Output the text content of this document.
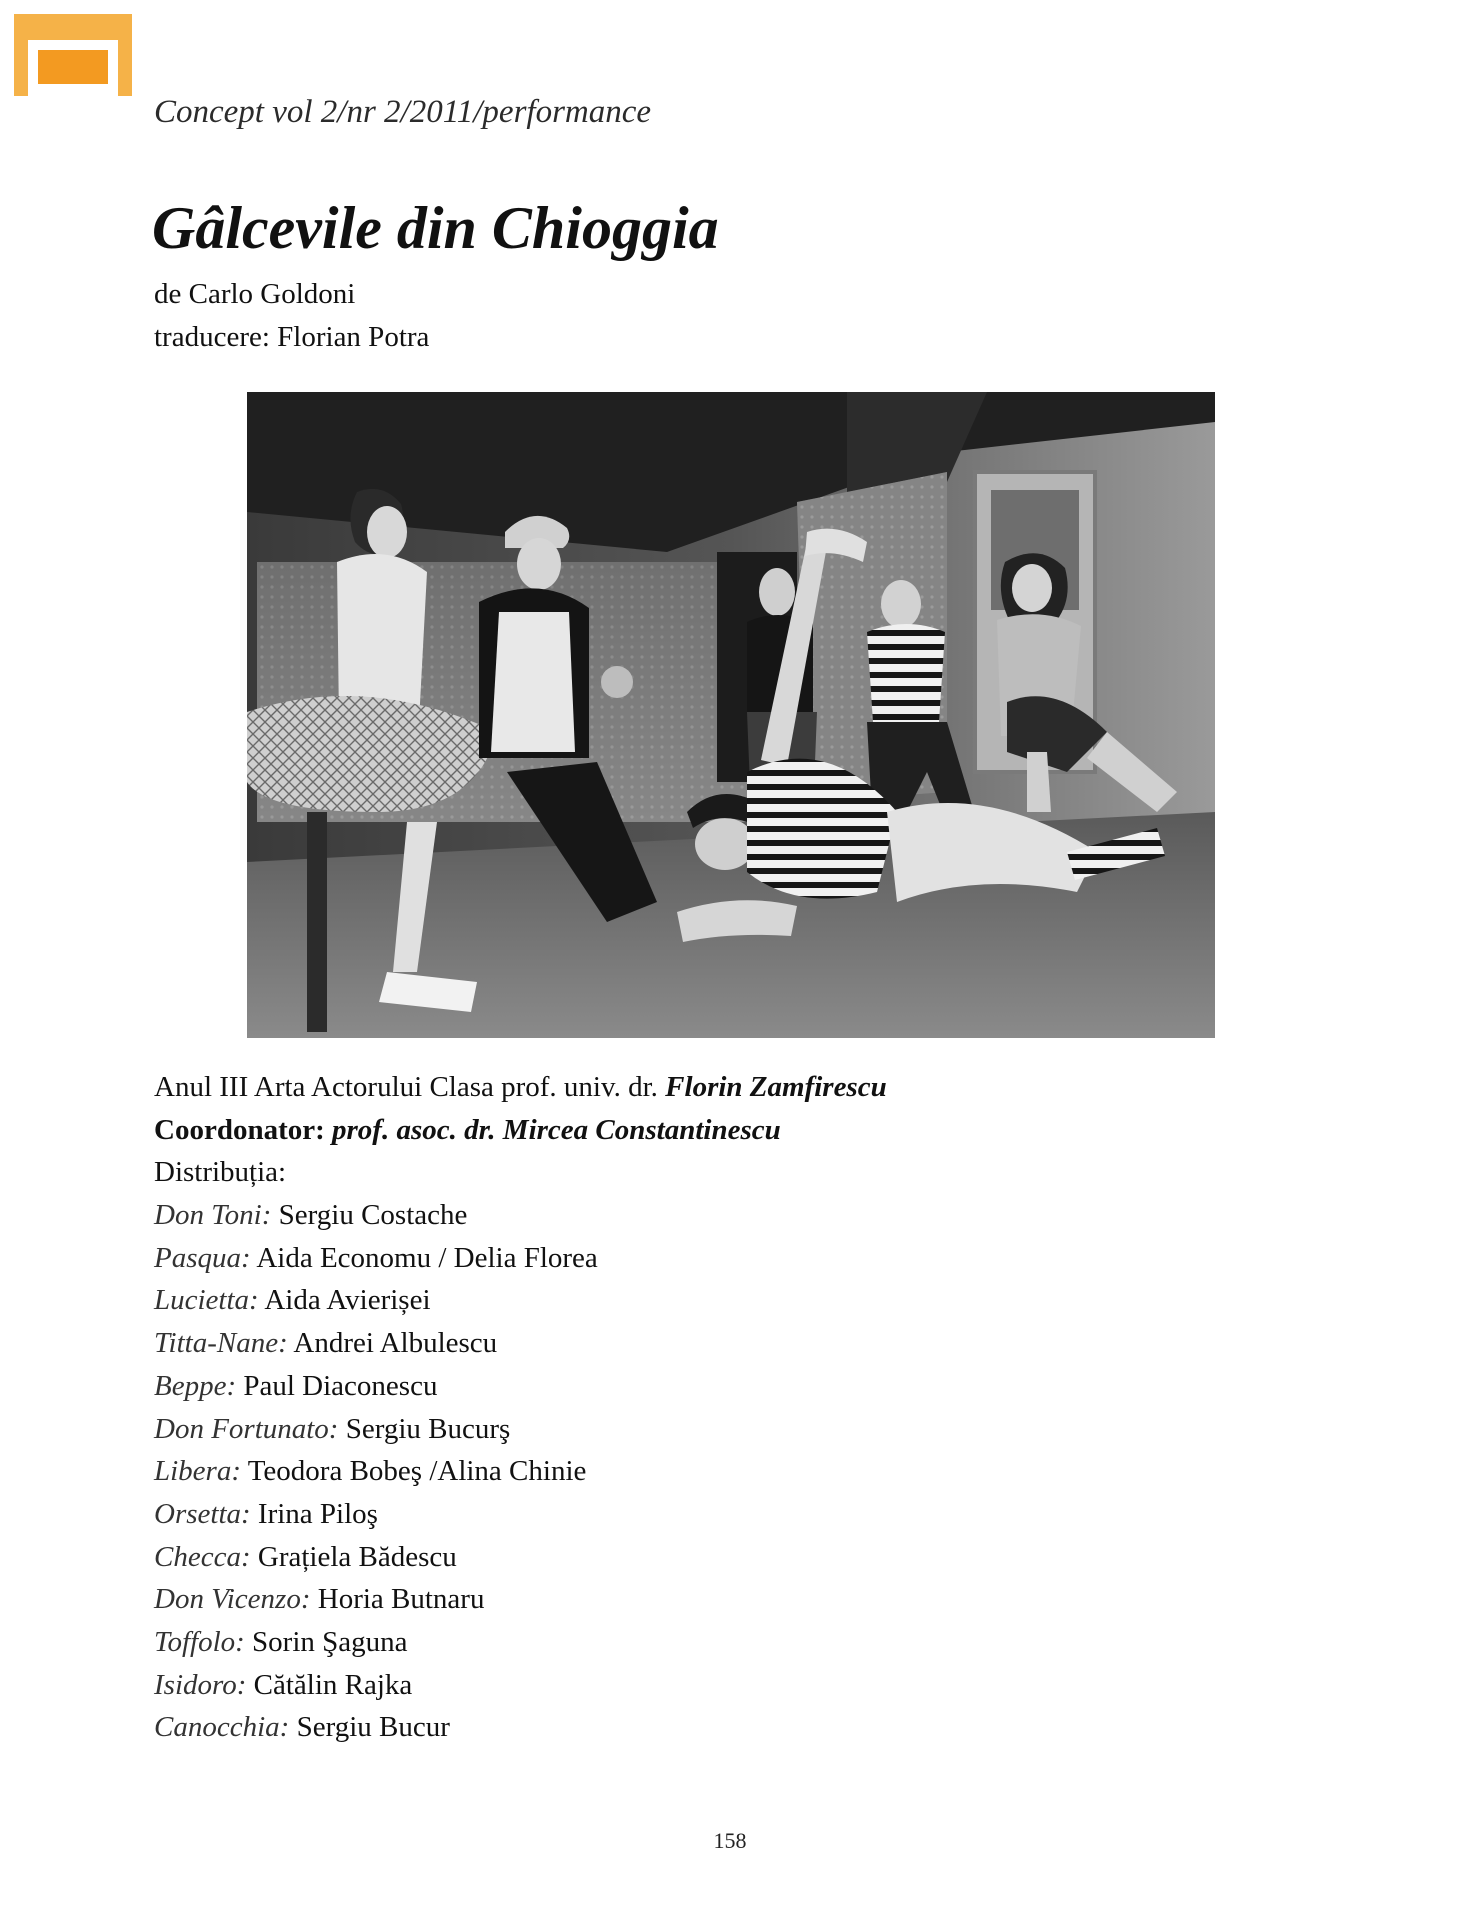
Concept vol 2/nr 2/2011/performance
Gâlcevile din Chioggia
de Carlo Goldoni
traducere: Florian Potra
Anul III Arta Actorului Clasa prof. univ. dr. Florin Zamfirescu
Coordonator: prof. asoc. dr. Mircea Constantinescu
Distribuția:
Don Toni: Sergiu Costache
Pasqua: Aida Economu / Delia Florea
Lucietta: Aida Avierișei
Titta-Nane: Andrei Albulescu
Beppe: Paul Diaconescu
Don Fortunato: Sergiu Bucurş
Libera: Teodora Bobeş /Alina Chinie
Orsetta: Irina Piloş
Checca: Grațiela Bădescu
Don Vicenzo: Horia Butnaru
Toffolo: Sorin Şaguna
Isidoro: Cătălin Rajka
Canocchia: Sergiu Bucur
158
